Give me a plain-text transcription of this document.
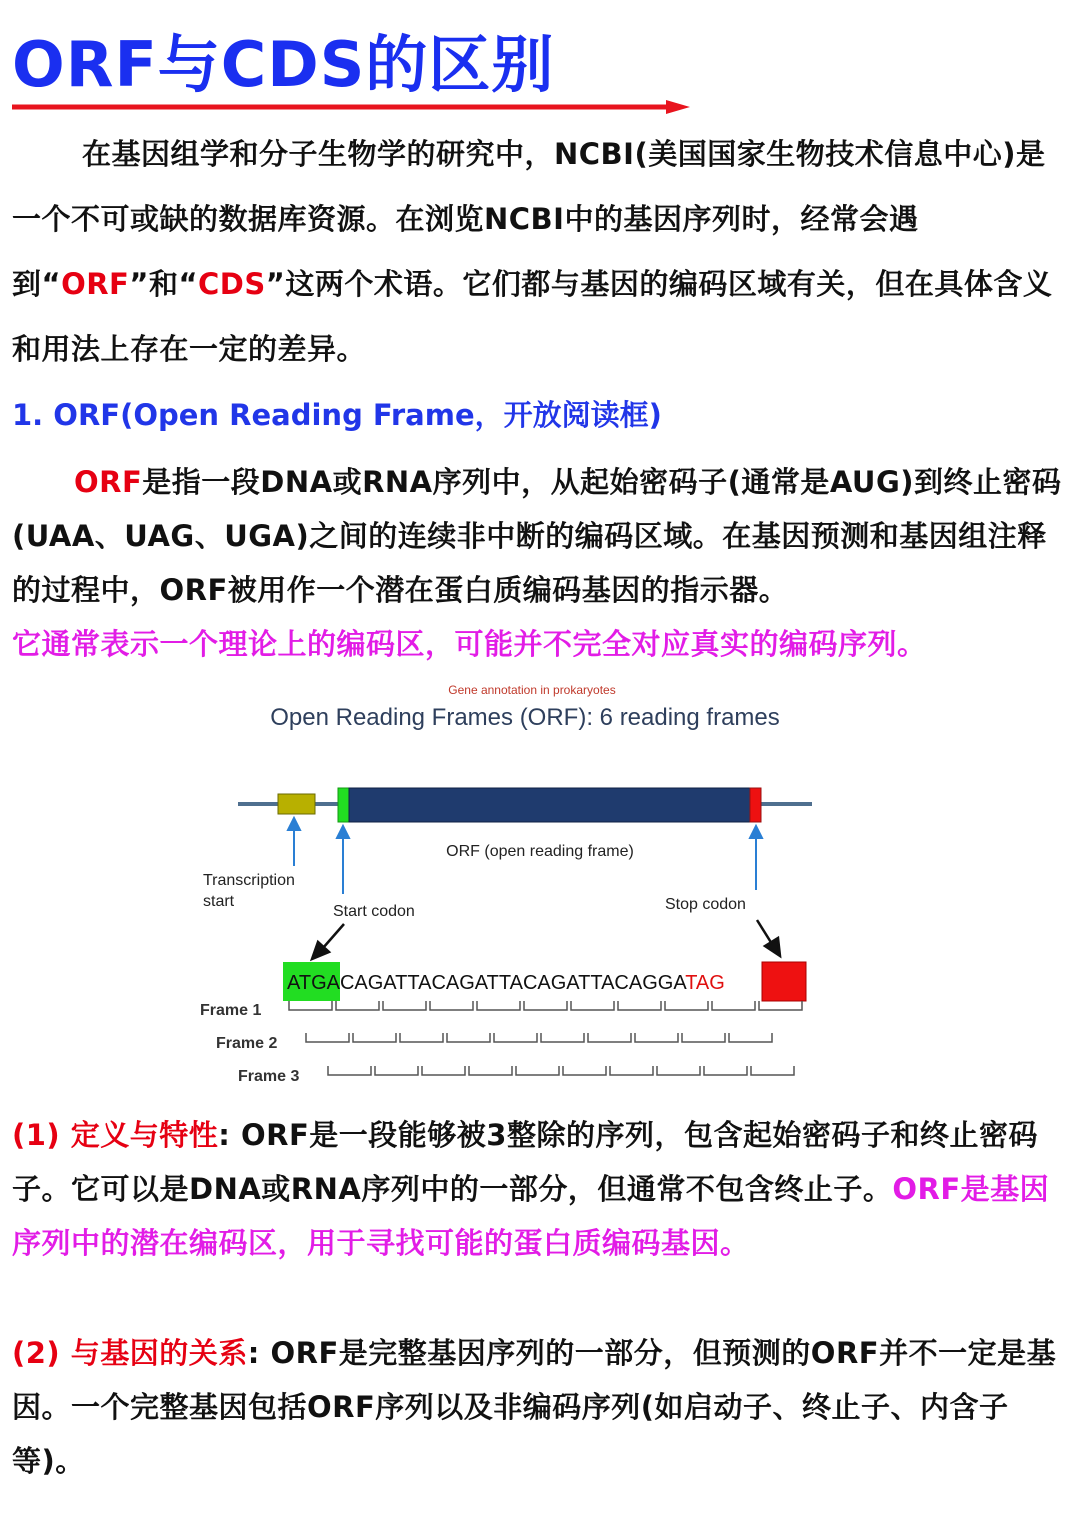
ORF与CDS的区别

在基因组学和分子生物学的研究中，NCBI(美国国家生物技术信息中心)是一个不可或缺的数据库资源。在浏览NCBI中的基因序列时，经常会遇到“ORF”和“CDS”这两个术语。它们都与基因的编码区域有关，但在具体含义和用法上存在一定的差异。

1. ORF(Open Reading Frame，开放阅读框)

ORF是指一段DNA或RNA序列中，从起始密码子(通常是AUG)到终止密码(UAA、UAG、UGA)之间的连续非中断的编码区域。在基因预测和基因组注释的过程中，ORF被用作一个潜在蛋白质编码基因的指示器。

它通常表示一个理论上的编码区，可能并不完全对应真实的编码序列。

Gene annotation in prokaryotes
Open Reading Frames (ORF): 6 reading frames
ORF (open reading frame)
Transcription
start
Start codon	Stop codon
ATGACAGATTACAGATTACAGATTACAGGATAG
Frame 1
Frame 2
Frame 3

(1) 定义与特性: ORF是一段能够被3整除的序列，包含起始密码子和终止密码子。它可以是DNA或RNA序列中的一部分，但通常不包含终止子。ORF是基因序列中的潜在编码区，用于寻找可能的蛋白质编码基因。

(2) 与基因的关系: ORF是完整基因序列的一部分，但预测的ORF并不一定是基因。一个完整基因包括ORF序列以及非编码序列(如启动子、终止子、内含子等)。
